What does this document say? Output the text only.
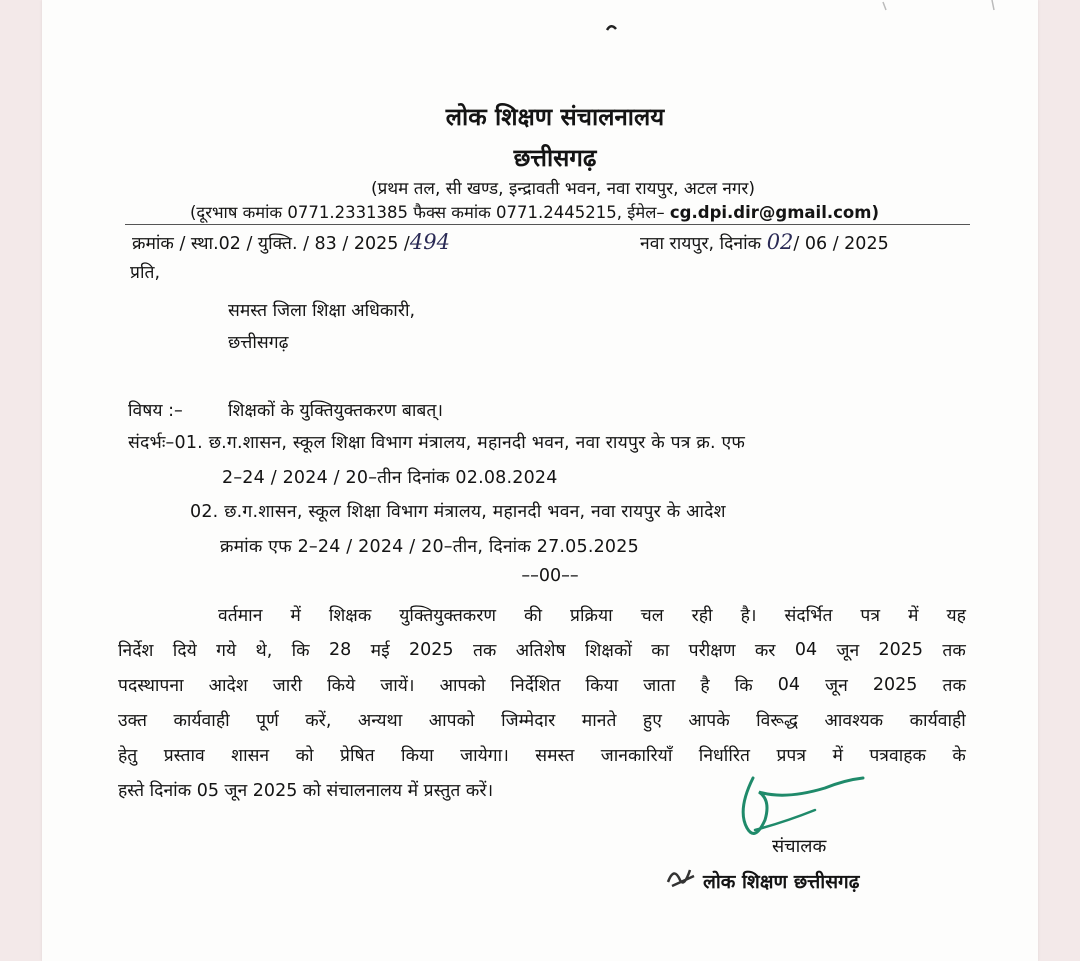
लोक शिक्षण संचालनालय
छत्तीसगढ़
(प्रथम तल, सी खण्ड, इन्द्रावती भवन, नवा रायपुर, अटल नगर)
(दूरभाष कमांक 0771.2331385 फैक्स कमांक 0771.2445215, ईमेल– cg.dpi.dir@gmail.com)
क्रमांक / स्था.02 / युक्ति. / 83 / 2025 /494	नवा रायपुर, दिनांक 02/ 06 / 2025
प्रति,
समस्त जिला शिक्षा अधिकारी,
छत्तीसगढ़
विषय :–	शिक्षकों के युक्तियुक्तकरण बाबत्।
संदर्भः–01. छ.ग.शासन, स्कूल शिक्षा विभाग मंत्रालय, महानदी भवन, नवा रायपुर के पत्र क्र. एफ
2–24 / 2024 / 20–तीन दिनांक 02.08.2024
02. छ.ग.शासन, स्कूल शिक्षा विभाग मंत्रालय, महानदी भवन, नवा रायपुर के आदेश
क्रमांक एफ 2–24 / 2024 / 20–तीन, दिनांक 27.05.2025
––00––
वर्तमान में शिक्षक युक्तियुक्तकरण की प्रक्रिया चल रही है। संदर्भित पत्र में यह
निर्देश दिये गये थे, कि 28 मई 2025 तक अतिशेष शिक्षकों का परीक्षण कर 04 जून 2025 तक
पदस्थापना आदेश जारी किये जायें। आपको निर्देशित किया जाता है कि 04 जून 2025 तक
उक्त कार्यवाही पूर्ण करें, अन्यथा आपको जिम्मेदार मानते हुए आपके विरूद्ध आवश्यक कार्यवाही
हेतु प्रस्ताव शासन को प्रेषित किया जायेगा। समस्त जानकारियॉं निर्धारित प्रपत्र में पत्रवाहक के
हस्ते दिनांक 05 जून 2025 को संचालनालय में प्रस्तुत करें।
संचालक
लोक शिक्षण छत्तीसगढ़
